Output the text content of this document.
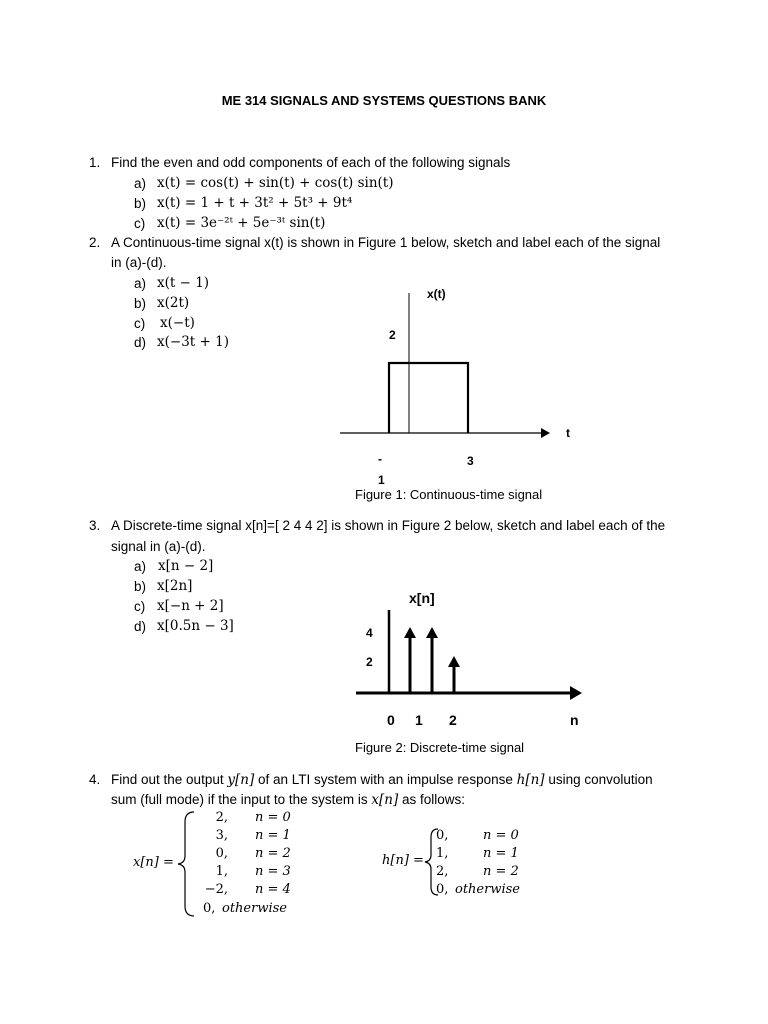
ME 314 SIGNALS AND SYSTEMS QUESTIONS BANK
1. Find the even and odd components of each of the following signals
a) x(t) = cos(t) + sin(t) + cos(t) sin(t)
b) x(t) = 1 + t + 3t² + 5t³ + 9t⁴
c) x(t) = 3e⁻²ᵗ + 5e⁻³ᵗ sin(t)
2. A Continuous-time signal x(t) is shown in Figure 1 below, sketch and label each of the signal
in (a)-(d).
a) x(t − 1)
b) x(2t)
c) x(−t)
d) x(−3t + 1)
x(t)
t
2
-
1
3
Figure 1: Continuous-time signal
3. A Discrete-time signal x[n]=[ 2 4 4 2] is shown in Figure 2 below, sketch and label each of the
signal in (a)-(d).
a) x[n − 2]
b) x[2n]
c) x[−n + 2]
d) x[0.5n − 3]
x[n]
4
2
0 1 2	n
Figure 2: Discrete-time signal
4. Find out the output y[n] of an LTI system with an impulse response h[n] using convolution
sum (full mode) if the input to the system is x[n] as follows:
x[n] =
2, n = 0
3, n = 1
0, n = 2
1, n = 3
−2, n = 4
0, otherwise
h[n] =
0,	n = 0
1,	n = 1
2,	n = 2
0, otherwise
